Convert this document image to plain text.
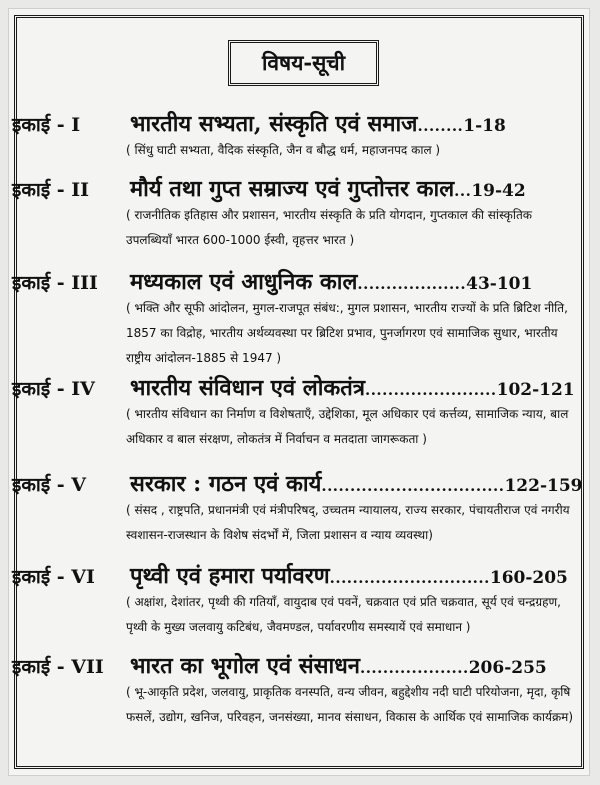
विषय-सूची
इकाई - I	भारतीय सभ्यता, संस्कृति एवं समाज ........ 1-18
( सिंधु घाटी सभ्यता, वैदिक संस्कृति, जैन व बौद्ध धर्म, महाजनपद काल )
इकाई - II	मौर्य तथा गुप्त सम्राज्य एवं गुप्तोत्तर काल ... 19-42
( राजनीतिक इतिहास और प्रशासन, भारतीय संस्कृति के प्रति योगदान, गुप्तकाल की सांस्कृतिक उपलब्धियाँ भारत 600-1000 ईस्वी, वृहत्तर भारत )
इकाई - III	मध्यकाल एवं आधुनिक काल ................... 43-101
( भक्ति और सूफी आंदोलन, मुगल-राजपूत संबंध:, मुगल प्रशासन, भारतीय राज्यों के प्रति ब्रिटिश नीति, 1857 का विद्रोह, भारतीय अर्थव्यवस्था पर ब्रिटिश प्रभाव, पुनर्जागरण एवं सामाजिक सुधार, भारतीय राष्ट्रीय आंदोलन-1885 से 1947 )
इकाई - IV	भारतीय संविधान एवं लोकतंत्र ....................... 102-121
( भारतीय संविधान का निर्माण व विशेषताएँ, उद्देशिका, मूल अधिकार एवं कर्त्तव्य, सामाजिक न्याय, बाल अधिकार व बाल संरक्षण, लोकतंत्र में निर्वाचन व मतदाता जागरूकता )
इकाई - V	सरकार : गठन एवं कार्य ................................ 122-159
( संसद , राष्ट्रपति, प्रधानमंत्री एवं मंत्रीपरिषद्, उच्चतम न्यायालय, राज्य सरकार, पंचायतीराज एवं नगरीय स्वशासन-राजस्थान के विशेष संदर्भों में, जिला प्रशासन व न्याय व्यवस्था)
इकाई - VI	पृथ्वी एवं हमारा पर्यावरण ............................ 160-205
( अक्षांश, देशांतर, पृथ्वी की गतियाँ, वायुदाब एवं पवनें, चक्रवात एवं प्रति चक्रवात, सूर्य एवं चन्द्रग्रहण, पृथ्वी के मुख्य जलवायु कटिबंध, जैवमण्डल, पर्यावरणीय समस्यायें एवं समाधान )
इकाई - VII	भारत का भूगोल एवं संसाधन ................... 206-255
( भू-आकृति प्रदेश, जलवायु, प्राकृतिक वनस्पति, वन्य जीवन, बहुद्देशीय नदी घाटी परियोजना, मृदा, कृषि फसलें, उद्योग, खनिज, परिवहन, जनसंख्या, मानव संसाधन, विकास के आर्थिक एवं सामाजिक कार्यक्रम)
